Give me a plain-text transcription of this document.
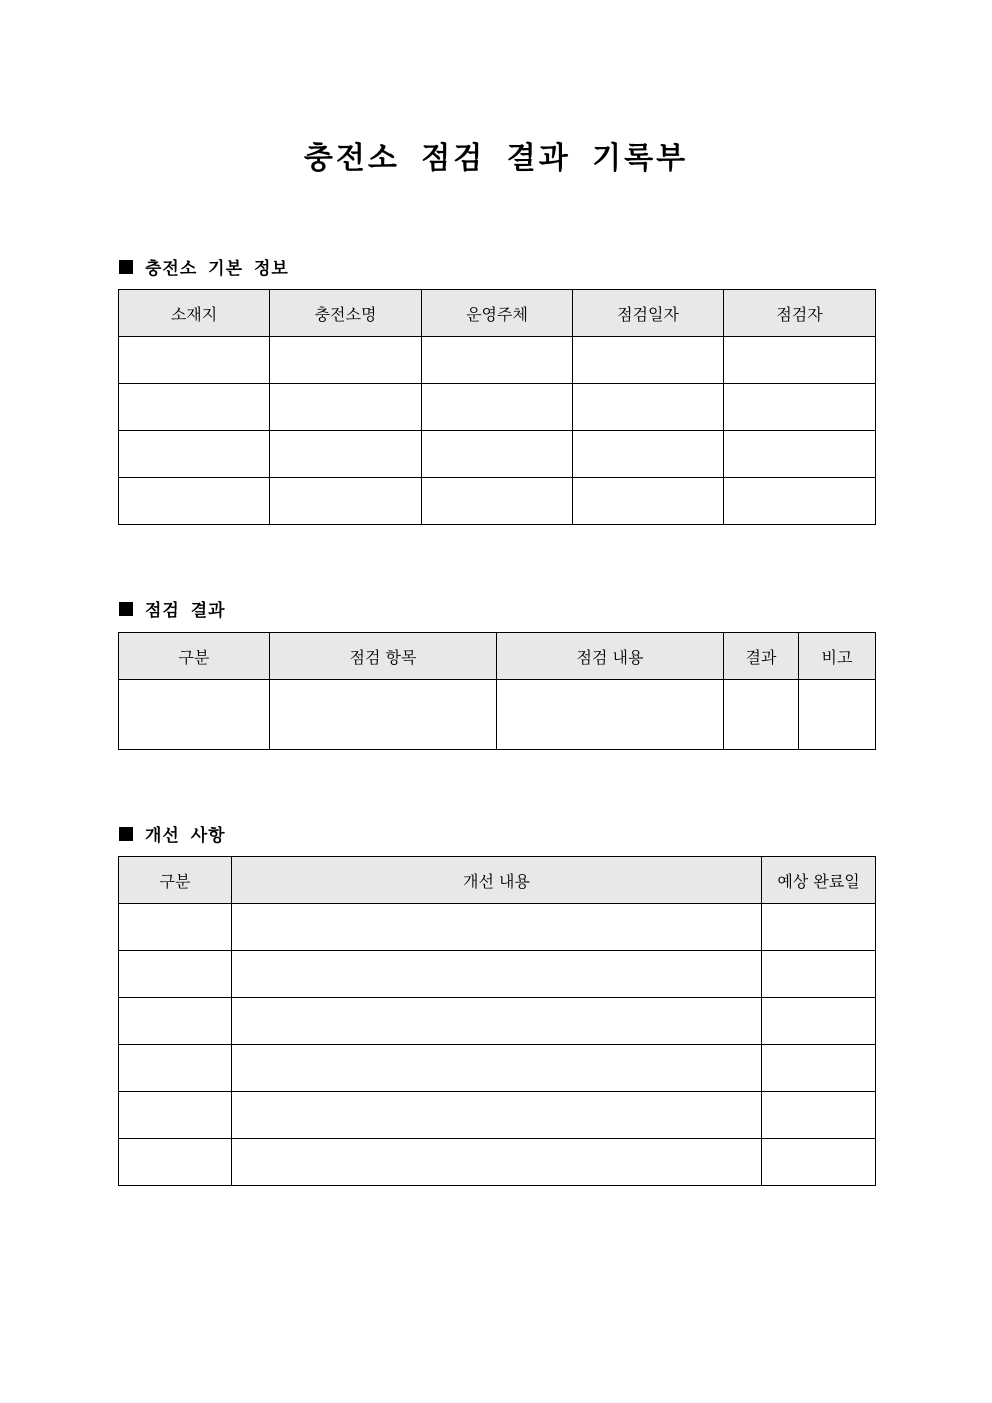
충전소 점검 결과 기록부
충전소 기본 정보
소재지	충전소명	운영주체	점검일자	점검자

점검 결과
구분	점검 항목	점검 내용	결과	비고

개선 사항
구분	개선 내용	예상 완료일
